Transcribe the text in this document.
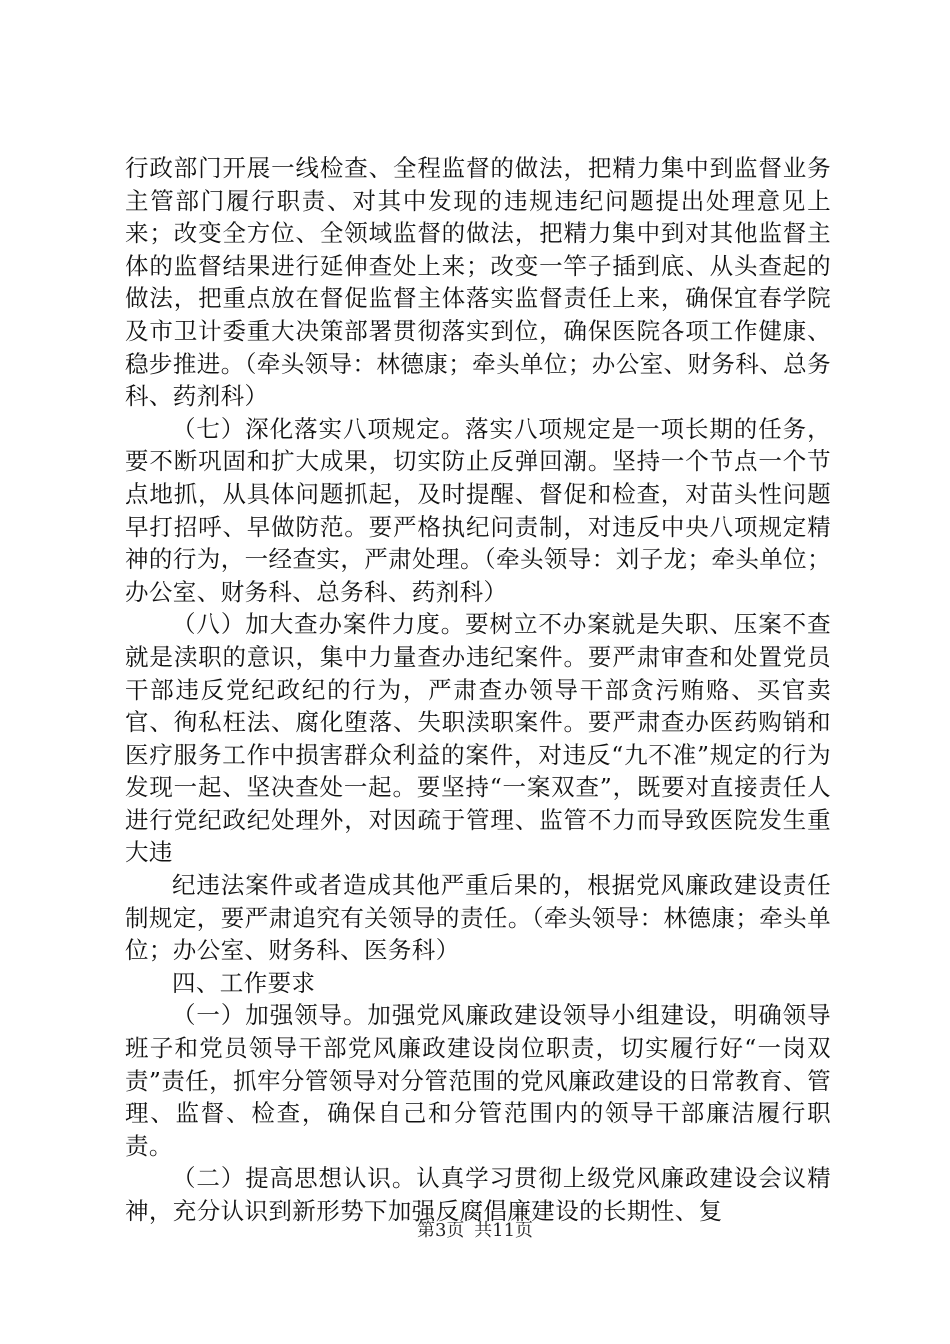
行政部门开展一线检查、全程监督的做法，把精力集中到监督业务主管部门履行职责、对其中发现的违规违纪问题提出处理意见上来；改变全方位、全领域监督的做法，把精力集中到对其他监督主体的监督结果进行延伸查处上来；改变一竿子插到底、从头查起的做法，把重点放在督促监督主体落实监督责任上来，确保宜春学院及市卫计委重大决策部署贯彻落实到位，确保医院各项工作健康、稳步推进。（牵头领导：林德康；牵头单位；办公室、财务科、总务科、药剂科）

（七）深化落实八项规定。落实八项规定是一项长期的任务，要不断巩固和扩大成果，切实防止反弹回潮。坚持一个节点一个节点地抓，从具体问题抓起，及时提醒、督促和检查，对苗头性问题早打招呼、早做防范。要严格执纪问责制，对违反中央八项规定精神的行为，一经查实，严肃处理。（牵头领导：刘子龙；牵头单位；办公室、财务科、总务科、药剂科）

（八）加大查办案件力度。要树立不办案就是失职、压案不查就是渎职的意识，集中力量查办违纪案件。要严肃审查和处置党员干部违反党纪政纪的行为，严肃查办领导干部贪污贿赂、买官卖官、徇私枉法、腐化堕落、失职渎职案件。要严肃查办医药购销和医疗服务工作中损害群众利益的案件，对违反“九不准”规定的行为发现一起、坚决查处一起。要坚持“一案双查”，既要对直接责任人进行党纪政纪处理外，对因疏于管理、监管不力而导致医院发生重大违

纪违法案件或者造成其他严重后果的，根据党风廉政建设责任制规定，要严肃追究有关领导的责任。（牵头领导：林德康；牵头单位；办公室、财务科、医务科）

四、工作要求

（一）加强领导。加强党风廉政建设领导小组建设，明确领导班子和党员领导干部党风廉政建设岗位职责，切实履行好“一岗双责”责任，抓牢分管领导对分管范围的党风廉政建设的日常教育、管理、监督、检查，确保自己和分管范围内的领导干部廉洁履行职责。

（二）提高思想认识。认真学习贯彻上级党风廉政建设会议精神，充分认识到新形势下加强反腐倡廉建设的长期性、复

第3页 共11页
